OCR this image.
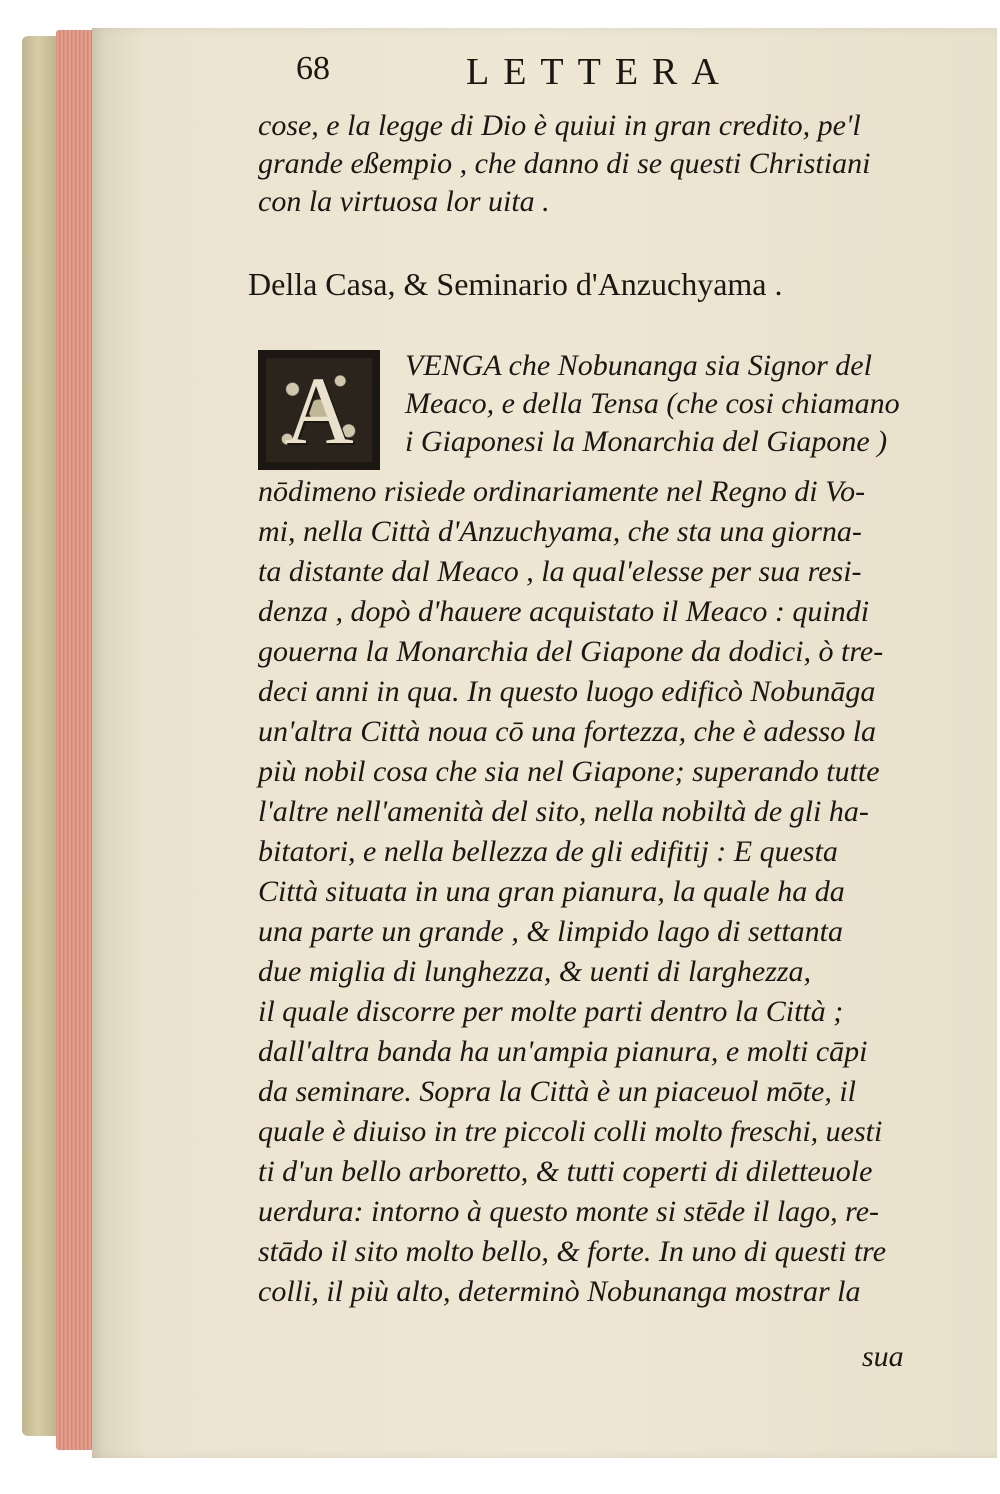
68	LETTERA
cose, e la legge di Dio è quiui in gran credito, pe'l
grande eßempio , che danno di se questi Christiani
con la virtuosa lor uita .
Della Casa, & Seminario d'Anzuchyama .
A	VENGA che Nobunanga sia Signor del
Meaco, e della Tensa (che cosi chiamano
i Giaponesi la Monarchia del Giapone )
nōdimeno risiede ordinariamente nel Regno di Vo-
mi, nella Città d'Anzuchyama, che sta una giorna-
ta distante dal Meaco , la qual'elesse per sua resi-
denza , dopò d'hauere acquistato il Meaco : quindi
gouerna la Monarchia del Giapone da dodici, ò tre-
deci anni in qua. In questo luogo edificò Nobunāga
un'altra Città noua cō una fortezza, che è adesso la
più nobil cosa che sia nel Giapone; superando tutte
l'altre nell'amenità del sito, nella nobiltà de gli ha-
bitatori, e nella bellezza de gli edifitij : E questa
Città situata in una gran pianura, la quale ha da
una parte un grande , & limpido lago di settanta
due miglia di lunghezza, & uenti di larghezza,
il quale discorre per molte parti dentro la Città ;
dall'altra banda ha un'ampia pianura, e molti cāpi
da seminare. Sopra la Città è un piaceuol mōte, il
quale è diuiso in tre piccoli colli molto freschi, uesti
ti d'un bello arboretto, & tutti coperti di diletteuole
uerdura: intorno à questo monte si stēde il lago, re-
stādo il sito molto bello, & forte. In uno di questi tre
colli, il più alto, determinò Nobunanga mostrar la
sua
